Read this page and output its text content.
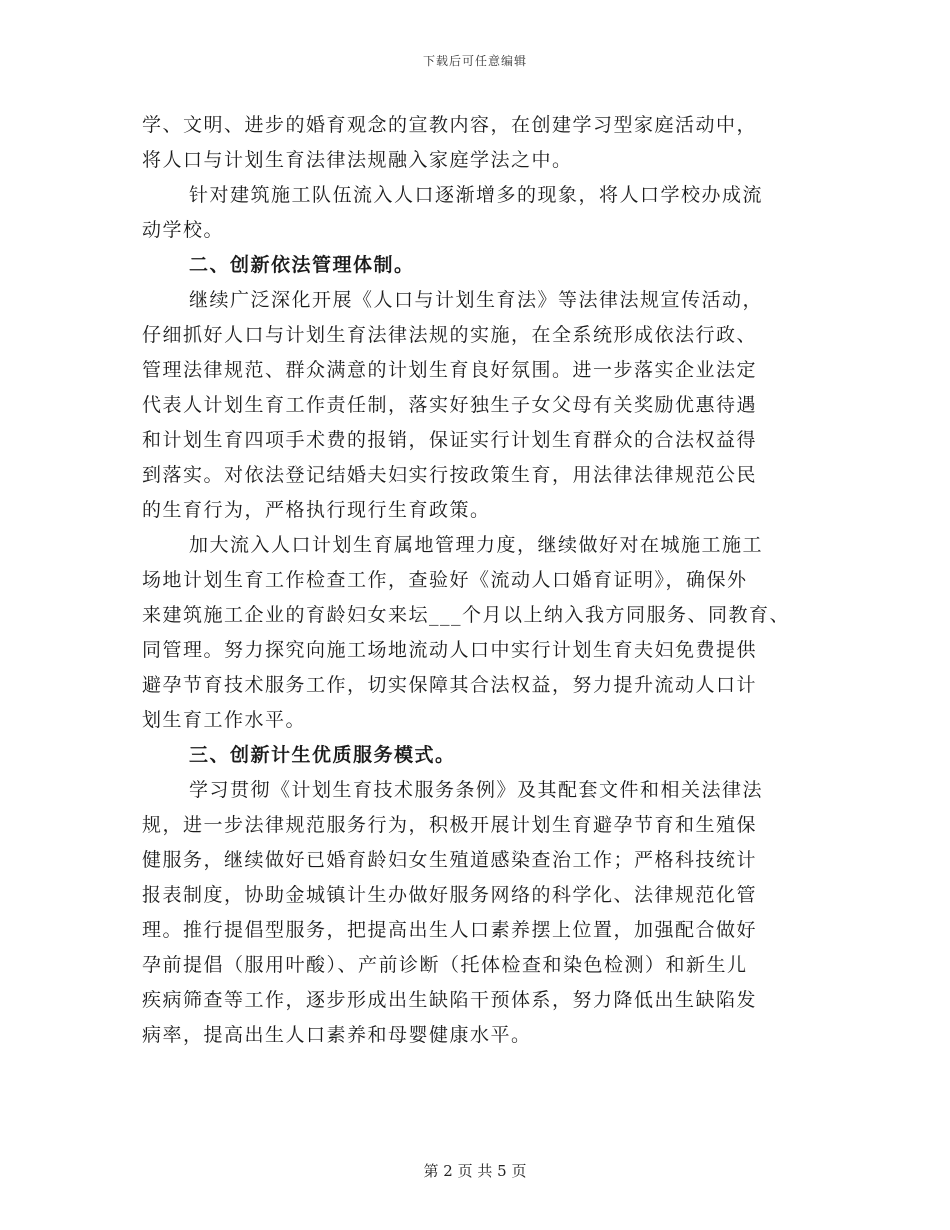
下载后可任意编辑
学、文明、进步的婚育观念的宣教内容，在创建学习型家庭活动中，
将人口与计划生育法律法规融入家庭学法之中。
针对建筑施工队伍流入人口逐渐增多的现象，将人口学校办成流
动学校。
二、创新依法管理体制。
继续广泛深化开展《人口与计划生育法》等法律法规宣传活动，
仔细抓好人口与计划生育法律法规的实施，在全系统形成依法行政、
管理法律规范、群众满意的计划生育良好氛围。进一步落实企业法定
代表人计划生育工作责任制，落实好独生子女父母有关奖励优惠待遇
和计划生育四项手术费的报销，保证实行计划生育群众的合法权益得
到落实。对依法登记结婚夫妇实行按政策生育，用法律法律规范公民
的生育行为，严格执行现行生育政策。
加大流入人口计划生育属地管理力度，继续做好对在城施工施工
场地计划生育工作检查工作，查验好《流动人口婚育证明》，确保外
来建筑施工企业的育龄妇女来坛___个月以上纳入我方同服务、同教育、
同管理。努力探究向施工场地流动人口中实行计划生育夫妇免费提供
避孕节育技术服务工作，切实保障其合法权益，努力提升流动人口计
划生育工作水平。
三、创新计生优质服务模式。
学习贯彻《计划生育技术服务条例》及其配套文件和相关法律法
规，进一步法律规范服务行为，积极开展计划生育避孕节育和生殖保
健服务，继续做好已婚育龄妇女生殖道感染查治工作；严格科技统计
报表制度，协助金城镇计生办做好服务网络的科学化、法律规范化管
理。推行提倡型服务，把提高出生人口素养摆上位置，加强配合做好
孕前提倡（服用叶酸）、产前诊断（托体检查和染色检测）和新生儿
疾病筛查等工作，逐步形成出生缺陷干预体系，努力降低出生缺陷发
病率，提高出生人口素养和母婴健康水平。
第 2 页 共 5 页
